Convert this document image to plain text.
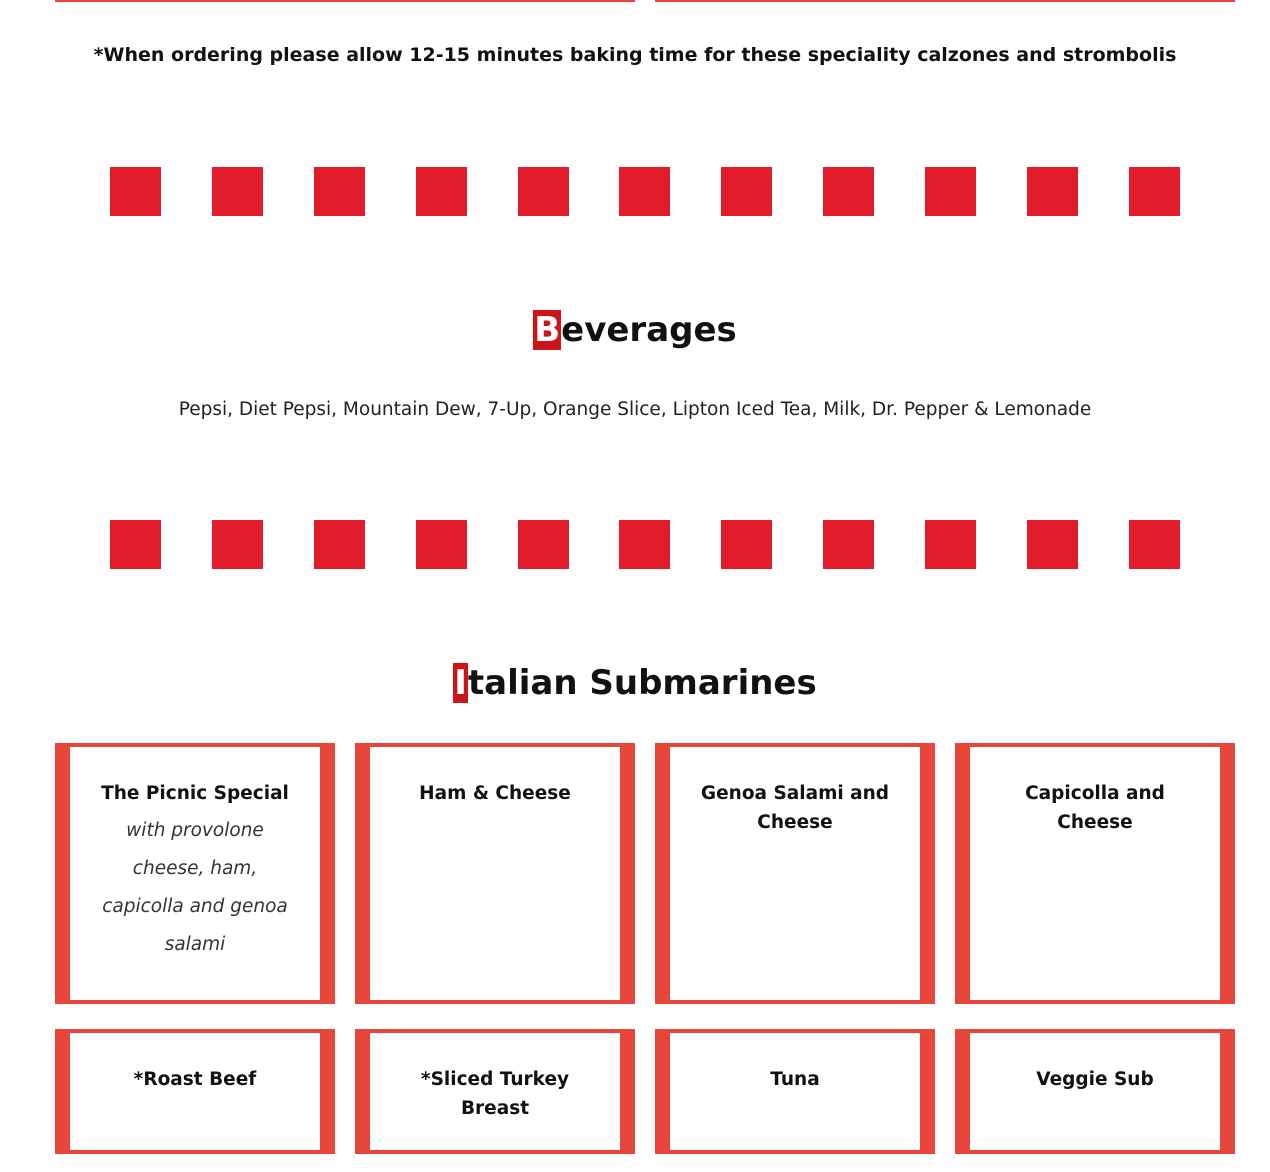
*When ordering please allow 12-15 minutes baking time for these speciality calzones and strombolis
Beverages
Pepsi, Diet Pepsi, Mountain Dew, 7-Up, Orange Slice, Lipton Iced Tea, Milk, Dr. Pepper & Lemonade
Italian Submarines
The Picnic Special
with provolone cheese, ham, capicolla and genoa salami
Ham & Cheese	Genoa Salami and Cheese
Capicolla and Cheese
*Roast Beef	*Sliced Turkey Breast
Tuna	Veggie Sub
